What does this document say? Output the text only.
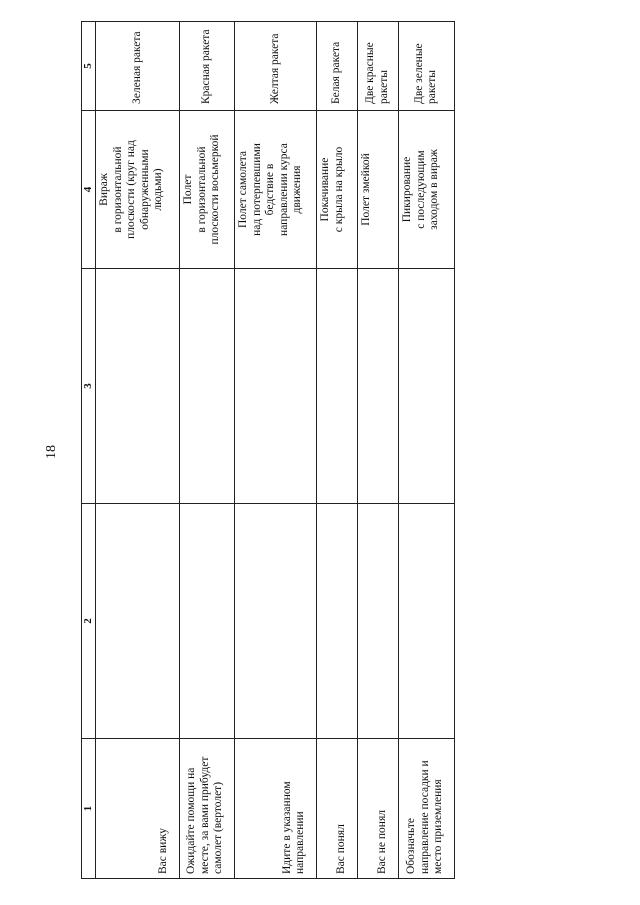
18
1	2	3	4	5
Вас вижу			Вираж
в горизонтальной
плоскости (круг над
обнаруженными
людьми)	Зеленая ракета
Ожидайте помощи на
месте, за вами прибудет
самолет (вертолет)			Полет
в горизонтальной
плоскости восьмеркой	Красная ракета
Идите в указанном
направлении			Полет самолета
над потерпевшими
бедствие в
направлении курса
движения	Желтая ракета
Вас понял			Покачивание
с крыла на крыло	Белая ракета
Вас не понял			Полет змейкой	Две красные
ракеты
Обозначьте
направление посадки и
место приземления			Пикирование
с последующим
заходом в вираж	Две зеленые
ракеты
